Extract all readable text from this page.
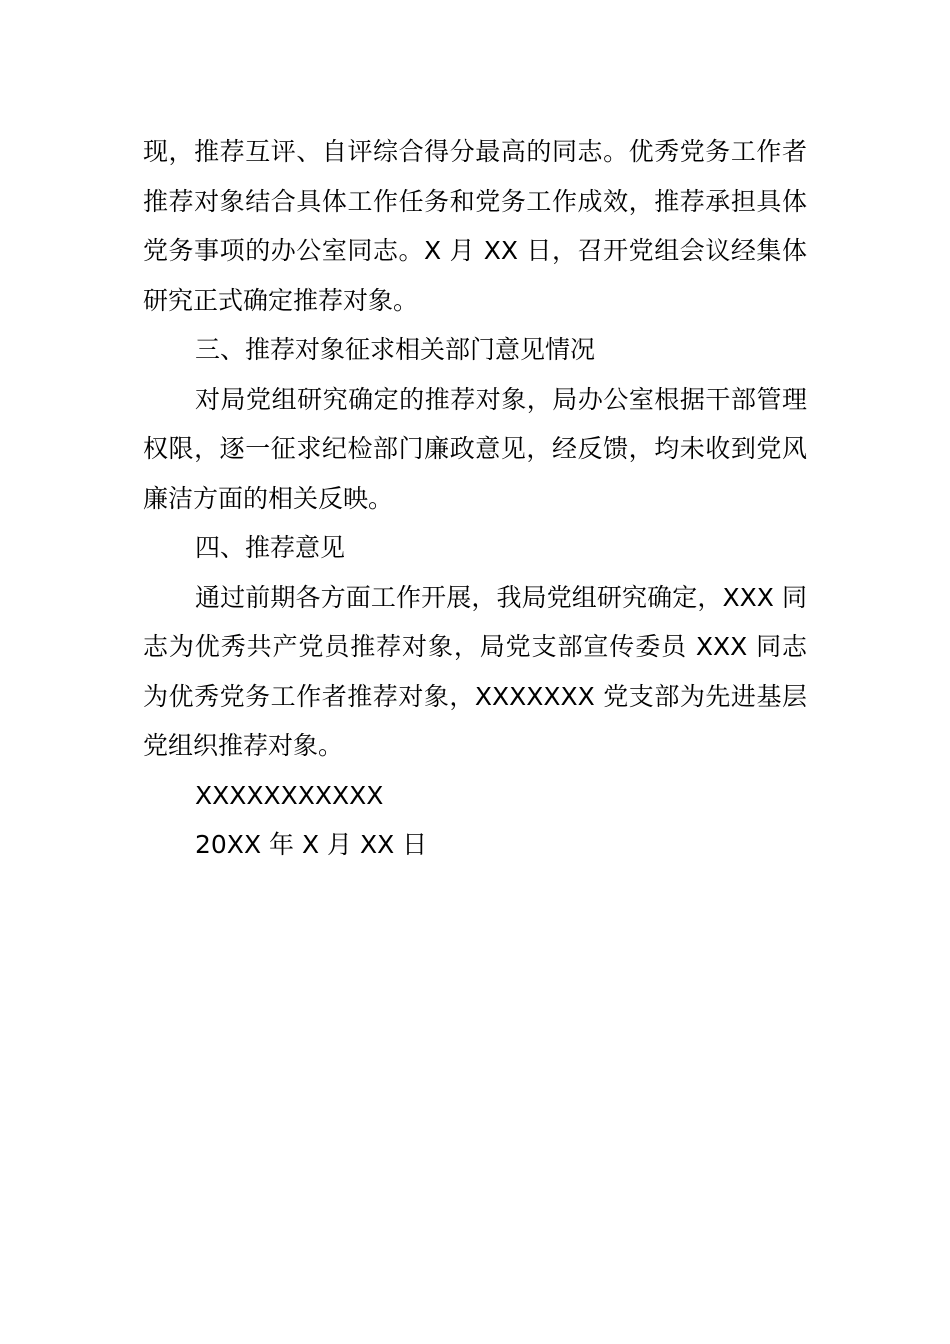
现，推荐互评、自评综合得分最高的同志。优秀党务工作者推荐对象结合具体工作任务和党务工作成效，推荐承担具体党务事项的办公室同志。X 月 XX 日，召开党组会议经集体研究正式确定推荐对象。

三、推荐对象征求相关部门意见情况

对局党组研究确定的推荐对象，局办公室根据干部管理权限，逐一征求纪检部门廉政意见，经反馈，均未收到党风廉洁方面的相关反映。

四、推荐意见

通过前期各方面工作开展，我局党组研究确定，XXX 同志为优秀共产党员推荐对象，局党支部宣传委员 XXX 同志为优秀党务工作者推荐对象，XXXXXXX 党支部为先进基层党组织推荐对象。

XXXXXXXXXXX

20XX 年 X 月 XX 日
